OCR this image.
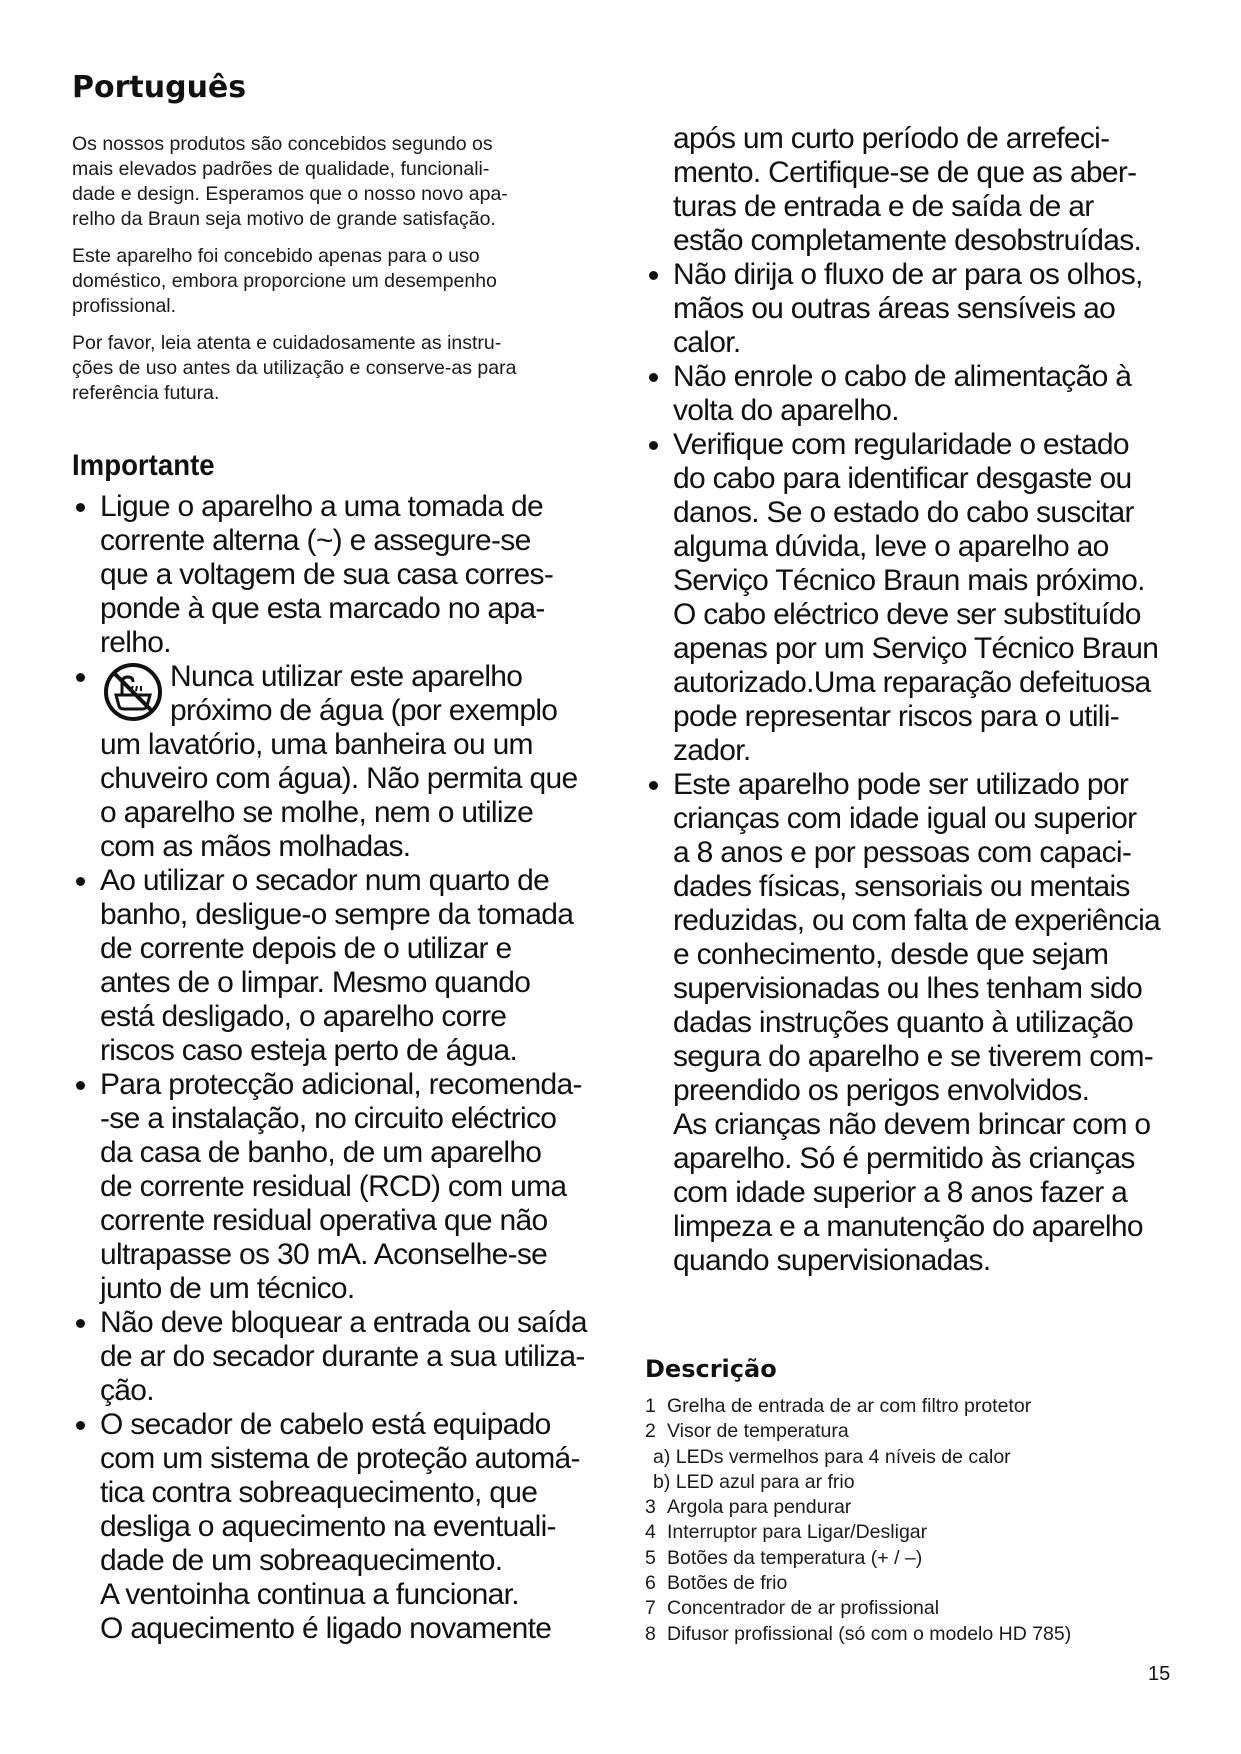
Português

Os nossos produtos são concebidos segundo os
mais elevados padrões de qualidade, funcionali-
dade e design. Esperamos que o nosso novo apa-
relho da Braun seja motivo de grande satisfação.

Este aparelho foi concebido apenas para o uso
doméstico, embora proporcione um desempenho
profissional.

Por favor, leia atenta e cuidadosamente as instru-
ções de uso antes da utilização e conserve-as para
referência futura.

Importante

Ligue o aparelho a uma tomada de
corrente alterna (~) e assegure-se
que a voltagem de sua casa corres-
ponde à que esta marcado no apa-
relho.

Nunca utilizar este aparelho
próximo de água (por exemplo
um lavatório, uma banheira ou um
chuveiro com água). Não permita que
o aparelho se molhe, nem o utilize
com as mãos molhadas.

Ao utilizar o secador num quarto de
banho, desligue-o sempre da tomada
de corrente depois de o utilizar e
antes de o limpar. Mesmo quando
está desligado, o aparelho corre
riscos caso esteja perto de água.

Para protecção adicional, recomenda-
-se a instalação, no circuito eléctrico
da casa de banho, de um aparelho
de corrente residual (RCD) com uma
corrente residual operativa que não
ultrapasse os 30 mA. Aconselhe-se
junto de um técnico.

Não deve bloquear a entrada ou saída
de ar do secador durante a sua utiliza-
ção.

O secador de cabelo está equipado
com um sistema de proteção automá-
tica contra sobreaquecimento, que
desliga o aquecimento na eventuali-
dade de um sobreaquecimento.
A ventoinha continua a funcionar.
O aquecimento é ligado novamente

após um curto período de arrefeci-
mento. Certifique-se de que as aber-
turas de entrada e de saída de ar
estão completamente desobstruídas.

Não dirija o fluxo de ar para os olhos,
mãos ou outras áreas sensíveis ao
calor.

Não enrole o cabo de alimentação à
volta do aparelho.

Verifique com regularidade o estado
do cabo para identificar desgaste ou
danos. Se o estado do cabo suscitar
alguma dúvida, leve o aparelho ao
Serviço Técnico Braun mais próximo.
O cabo eléctrico deve ser substituído
apenas por um Serviço Técnico Braun
autorizado.Uma reparação defeituosa
pode representar riscos para o utili-
zador.

Este aparelho pode ser utilizado por
crianças com idade igual ou superior
a 8 anos e por pessoas com capaci-
dades físicas, sensoriais ou mentais
reduzidas, ou com falta de experiência
e conhecimento, desde que sejam
supervisionadas ou lhes tenham sido
dadas instruções quanto à utilização
segura do aparelho e se tiverem com-
preendido os perigos envolvidos.
As crianças não devem brincar com o
aparelho. Só é permitido às crianças
com idade superior a 8 anos fazer a
limpeza e a manutenção do aparelho
quando supervisionadas.

Descrição
1 Grelha de entrada de ar com filtro protetor
2 Visor de temperatura
a) LEDs vermelhos para 4 níveis de calor
b) LED azul para ar frio
3 Argola para pendurar
4 Interruptor para Ligar/Desligar
5 Botões da temperatura (+ / –)
6 Botões de frio
7 Concentrador de ar profissional
8 Difusor profissional (só com o modelo HD 785)
15
